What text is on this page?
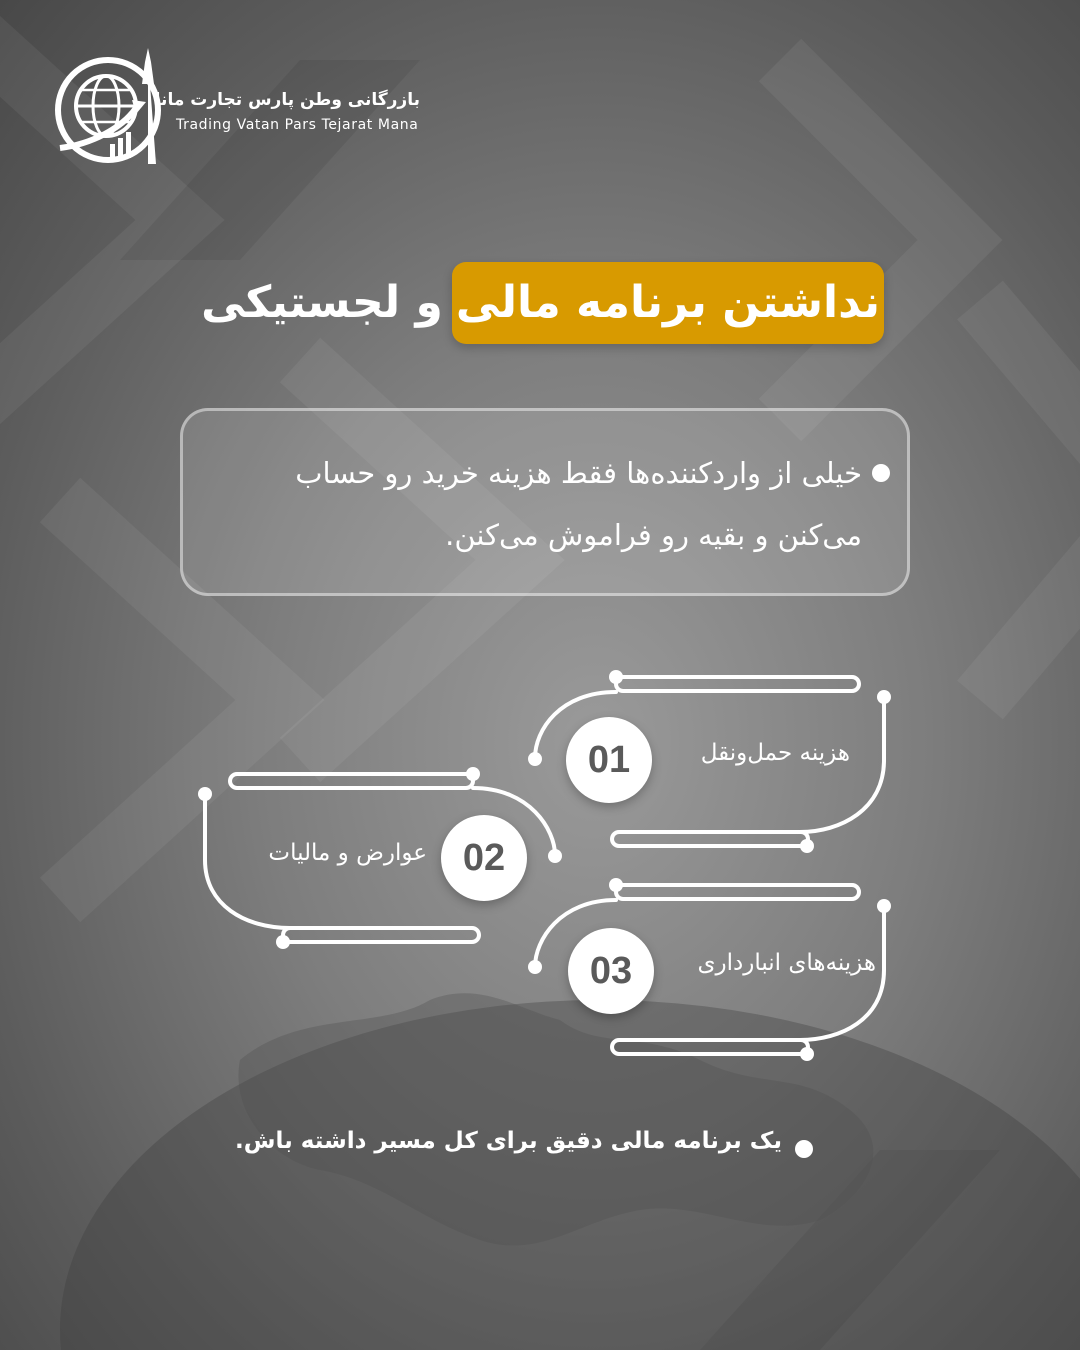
بازرگانی وطن پارس تجارت مانا
Trading Vatan Pars Tejarat Mana
نداشتن برنامه مالی
و لجستیکی
خیلی از واردکننده‌ها فقط هزینه خرید رو حساب
می‌کنن و بقیه رو فراموش می‌کنن.
01	هزینه حمل‌ونقل
02
عوارض و مالیات
03	هزینه‌های انبارداری
یک برنامه مالی دقیق برای کل مسیر داشته باش.
